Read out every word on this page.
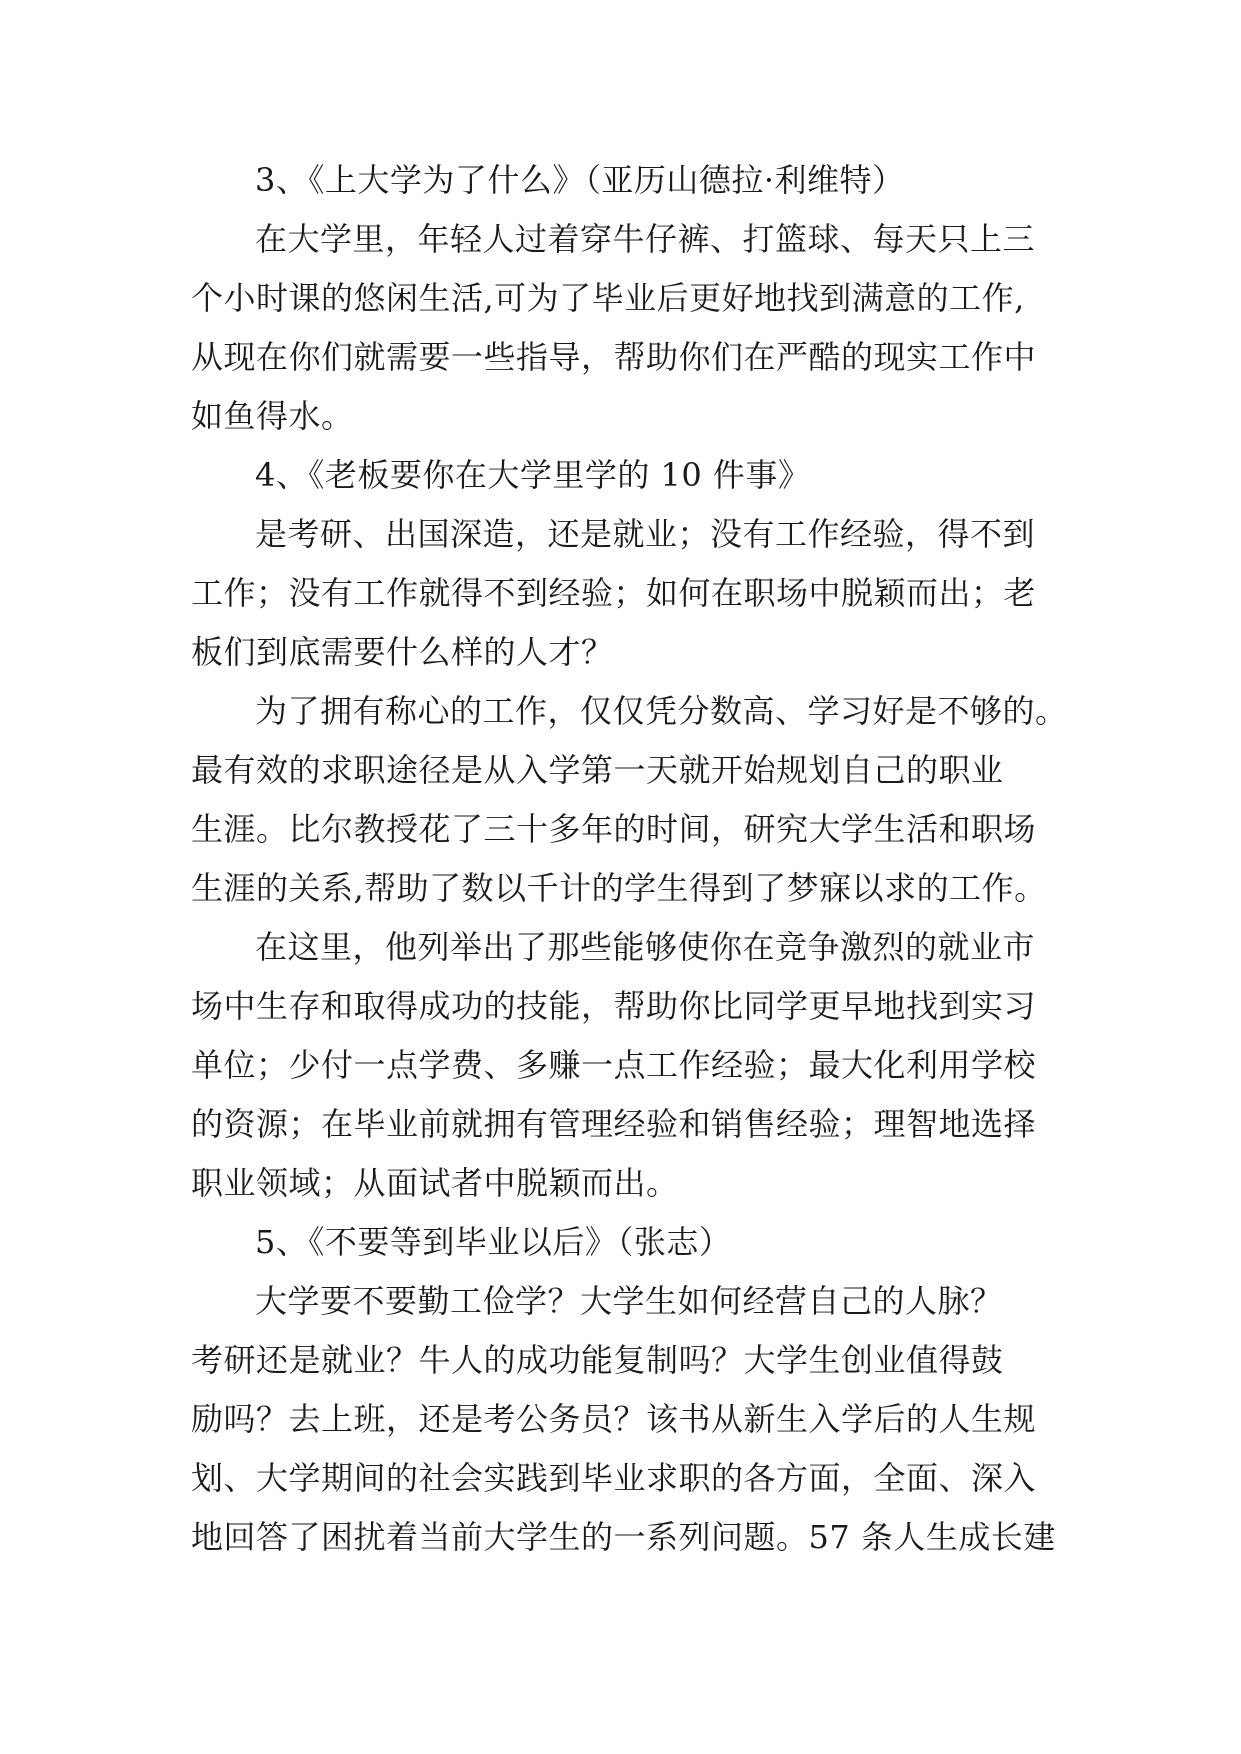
3、《上大学为了什么》（亚历山德拉·利维特）
在大学里，年轻人过着穿牛仔裤、打篮球、每天只上三
个小时课的悠闲生活,可为了毕业后更好地找到满意的工作,
从现在你们就需要一些指导，帮助你们在严酷的现实工作中
如鱼得水。
4、《老板要你在大学里学的 10 件事》
是考研、出国深造，还是就业；没有工作经验，得不到
工作；没有工作就得不到经验；如何在职场中脱颖而出；老
板们到底需要什么样的人才？
为了拥有称心的工作，仅仅凭分数高、学习好是不够的。
最有效的求职途径是从入学第一天就开始规划自己的职业
生涯。比尔教授花了三十多年的时间，研究大学生活和职场
生涯的关系,帮助了数以千计的学生得到了梦寐以求的工作。
在这里，他列举出了那些能够使你在竞争激烈的就业市
场中生存和取得成功的技能，帮助你比同学更早地找到实习
单位；少付一点学费、多赚一点工作经验；最大化利用学校
的资源；在毕业前就拥有管理经验和销售经验；理智地选择
职业领域；从面试者中脱颖而出。
5、《不要等到毕业以后》（张志）
大学要不要勤工俭学？大学生如何经营自己的人脉？
考研还是就业？牛人的成功能复制吗？大学生创业值得鼓
励吗？去上班，还是考公务员？该书从新生入学后的人生规
划、大学期间的社会实践到毕业求职的各方面，全面、深入
地回答了困扰着当前大学生的一系列问题。57 条人生成长建
